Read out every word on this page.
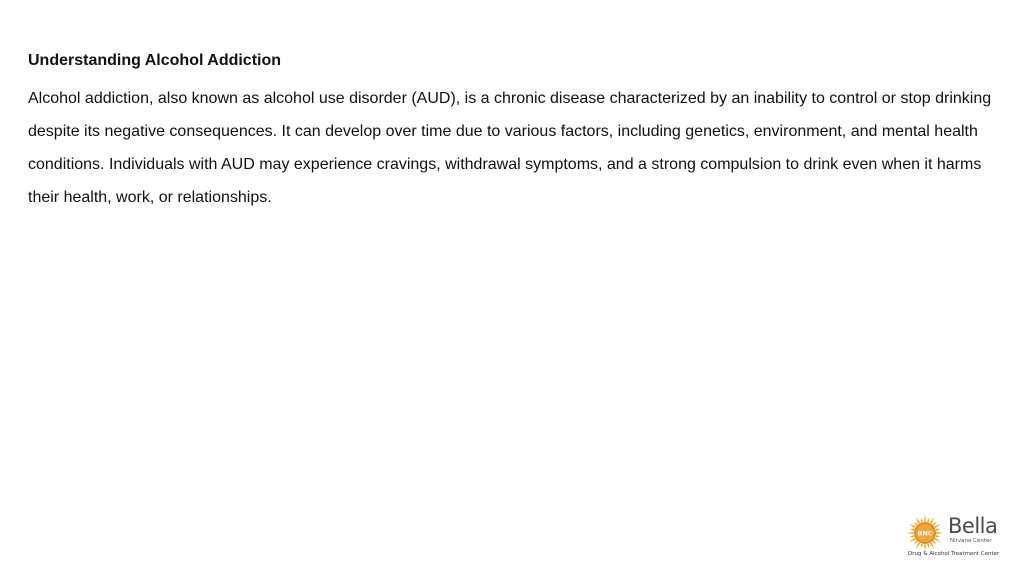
Understanding Alcohol Addiction

Alcohol addiction, also known as alcohol use disorder (AUD), is a chronic disease characterized by an inability to control or stop drinking despite its negative consequences. It can develop over time due to various factors, including genetics, environment, and mental health conditions. Individuals with AUD may experience cravings, withdrawal symptoms, and a strong compulsion to drink even when it harms their health, work, or relationships.

BNC Bella
Nirvana Center
Drug & Alcohol Treatment Center
